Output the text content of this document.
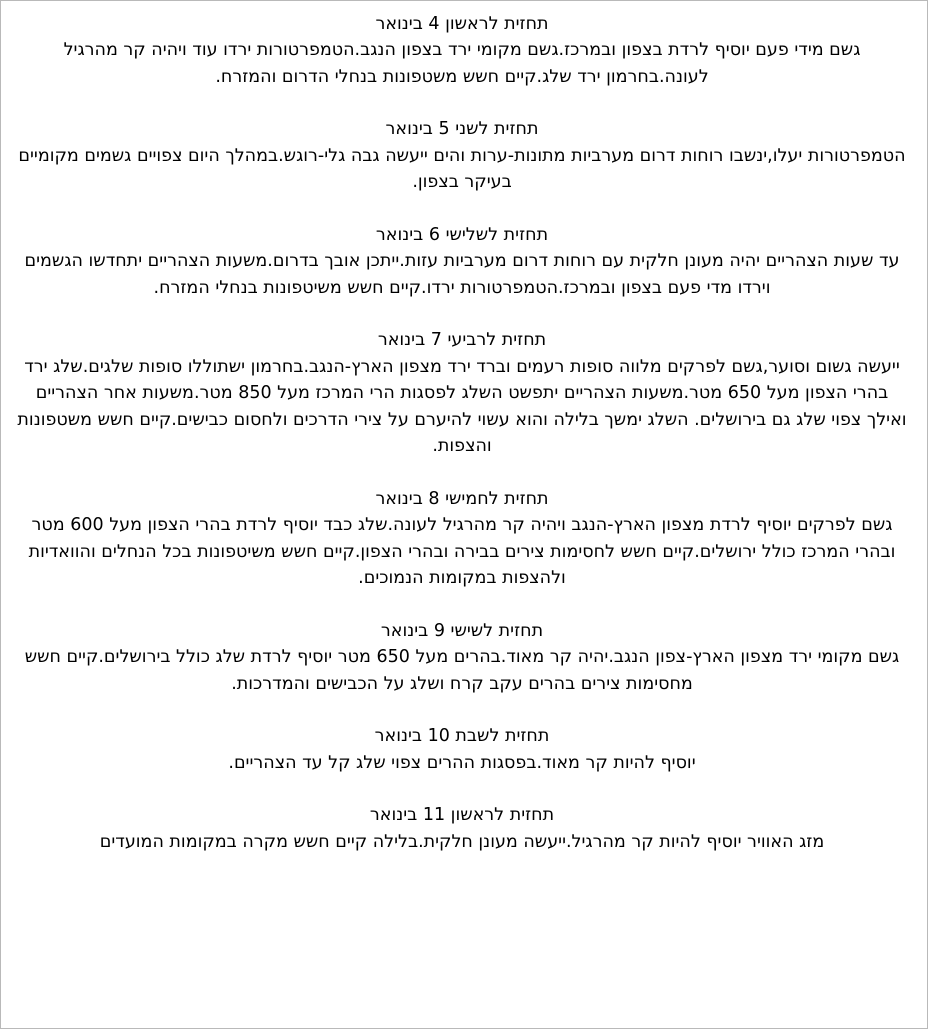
תחזית לראשון 4 בינואר
גשם מידי פעם יוסיף לרדת בצפון ובמרכז.גשם מקומי ירד בצפון הנגב.הטמפרטורות ירדו עוד ויהיה קר מהרגיל לעונה.בחרמון ירד שלג.קיים חשש משטפונות בנחלי הדרום והמזרח.
תחזית לשני 5 בינואר
הטמפרטורות יעלו,ינשבו רוחות דרום מערביות מתונות-ערות והים ייעשה גבה גלי-רוגש.במהלך היום צפויים גשמים מקומיים בעיקר בצפון.
תחזית לשלישי 6 בינואר
עד שעות הצהריים יהיה מעונן חלקית עם רוחות דרום מערביות עזות.ייתכן אובך בדרום.משעות הצהריים יתחדשו הגשמים וירדו מדי פעם בצפון ובמרכז.הטמפרטורות ירדו.קיים חשש משיטפונות בנחלי המזרח.
תחזית לרביעי 7 בינואר
ייעשה גשום וסוער,גשם לפרקים מלווה סופות רעמים וברד ירד מצפון הארץ-הנגב.בחרמון ישתוללו סופות שלגים.שלג ירד בהרי הצפון מעל 650 מטר.משעות הצהריים יתפשט השלג לפסגות הרי המרכז מעל 850 מטר.משעות אחר הצהריים ואילך צפוי שלג גם בירושלים. השלג ימשך בלילה והוא עשוי להיערם על צירי הדרכים ולחסום כבישים.קיים חשש משטפונות והצפות.
תחזית לחמישי 8 בינואר
גשם לפרקים יוסיף לרדת מצפון הארץ-הנגב ויהיה קר מהרגיל לעונה.שלג כבד יוסיף לרדת בהרי הצפון מעל 600 מטר ובהרי המרכז כולל ירושלים.קיים חשש לחסימות צירים בבירה ובהרי הצפון.קיים חשש משיטפונות בכל הנחלים והוואדיות ולהצפות במקומות הנמוכים.
תחזית לשישי 9 בינואר
גשם מקומי ירד מצפון הארץ-צפון הנגב.יהיה קר מאוד.בהרים מעל 650 מטר יוסיף לרדת שלג כולל בירושלים.קיים חשש מחסימות צירים בהרים עקב קרח ושלג על הכבישים והמדרכות.
תחזית לשבת 10 בינואר
יוסיף להיות קר מאוד.בפסגות ההרים צפוי שלג קל עד הצהריים.
תחזית לראשון 11 בינואר
מזג האוויר יוסיף להיות קר מהרגיל.ייעשה מעונן חלקית.בלילה קיים חשש מקרה במקומות המועדים
